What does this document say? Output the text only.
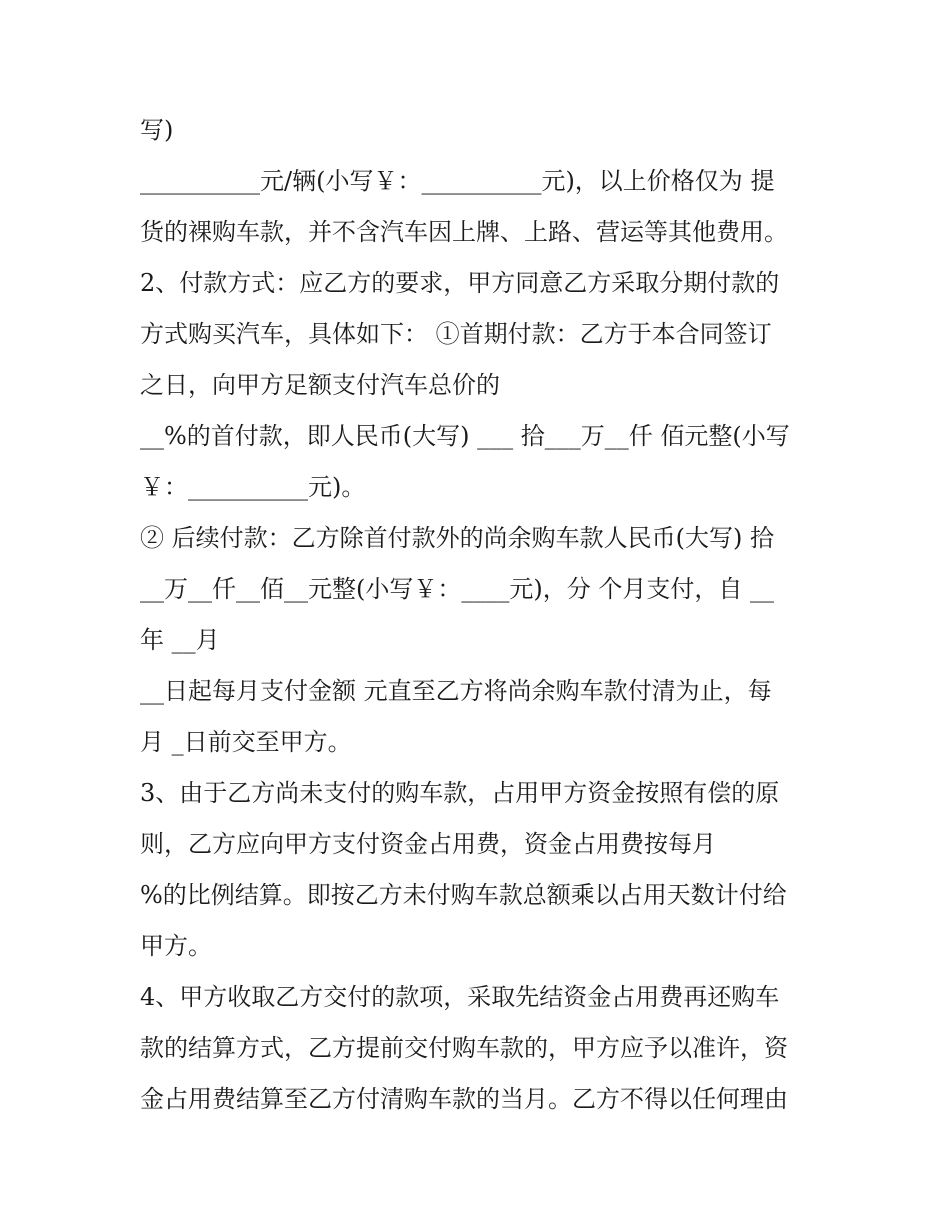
写)

__________元/辆(小写￥：__________元)，以上价格仅为 提

货的裸购车款，并不含汽车因上牌、上路、营运等其他费用。

2、付款方式：应乙方的要求，甲方同意乙方采取分期付款的

方式购买汽车，具体如下： ①首期付款：乙方于本合同签订

之日，向甲方足额支付汽车总价的

__%的首付款，即人民币(大写) ___ 拾___万__仟 佰元整(小写

￥：__________元)。

② 后续付款：乙方除首付款外的尚余购车款人民币(大写) 拾

__万__仟__佰__元整(小写￥：____元)，分 个月支付，自 __

年 __月

__日起每月支付金额 元直至乙方将尚余购车款付清为止，每

月 _日前交至甲方。

3、由于乙方尚未支付的购车款，占用甲方资金按照有偿的原

则，乙方应向甲方支付资金占用费，资金占用费按每月

%的比例结算。即按乙方未付购车款总额乘以占用天数计付给

甲方。

4、甲方收取乙方交付的款项，采取先结资金占用费再还购车

款的结算方式，乙方提前交付购车款的，甲方应予以准许，资

金占用费结算至乙方付清购车款的当月。乙方不得以任何理由
